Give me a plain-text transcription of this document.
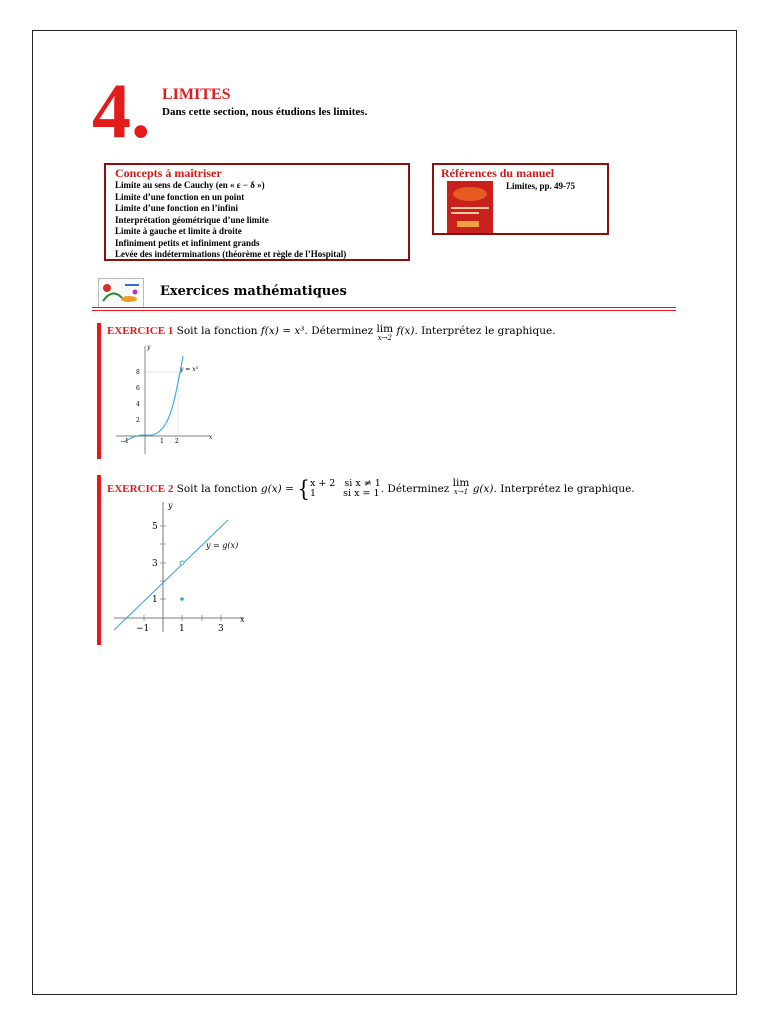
4. LIMITES
Dans cette section, nous étudions les limites.
Concepts à maîtriser
Limite au sens de Cauchy (en « ε − δ »)
Limite d’une fonction en un point
Limite d’une fonction en l’infini
Interprétation géométrique d’une limite
Limite à gauche et limite à droite
Infiniment petits et infiniment grands
Levée des indéterminations (théorème et règle de l’Hospital)
Références du manuel
Limites, pp. 49-75
Exercices mathématiques
EXERCICE 1 Soit la fonction f(x) = x³. Déterminez lim
x→2
f(x). Interprétez le graphique.
y
x
y = x³
8
6
4
2
−1	1 2
EXERCICE 2 Soit la fonction g(x) = { x + 2   si x ≠ 1
1         si x = 1 . Déterminez lim
x→1 g(x). Interprétez le graphique.
y
x
y = g(x)
5
3
1
−1	1	3
